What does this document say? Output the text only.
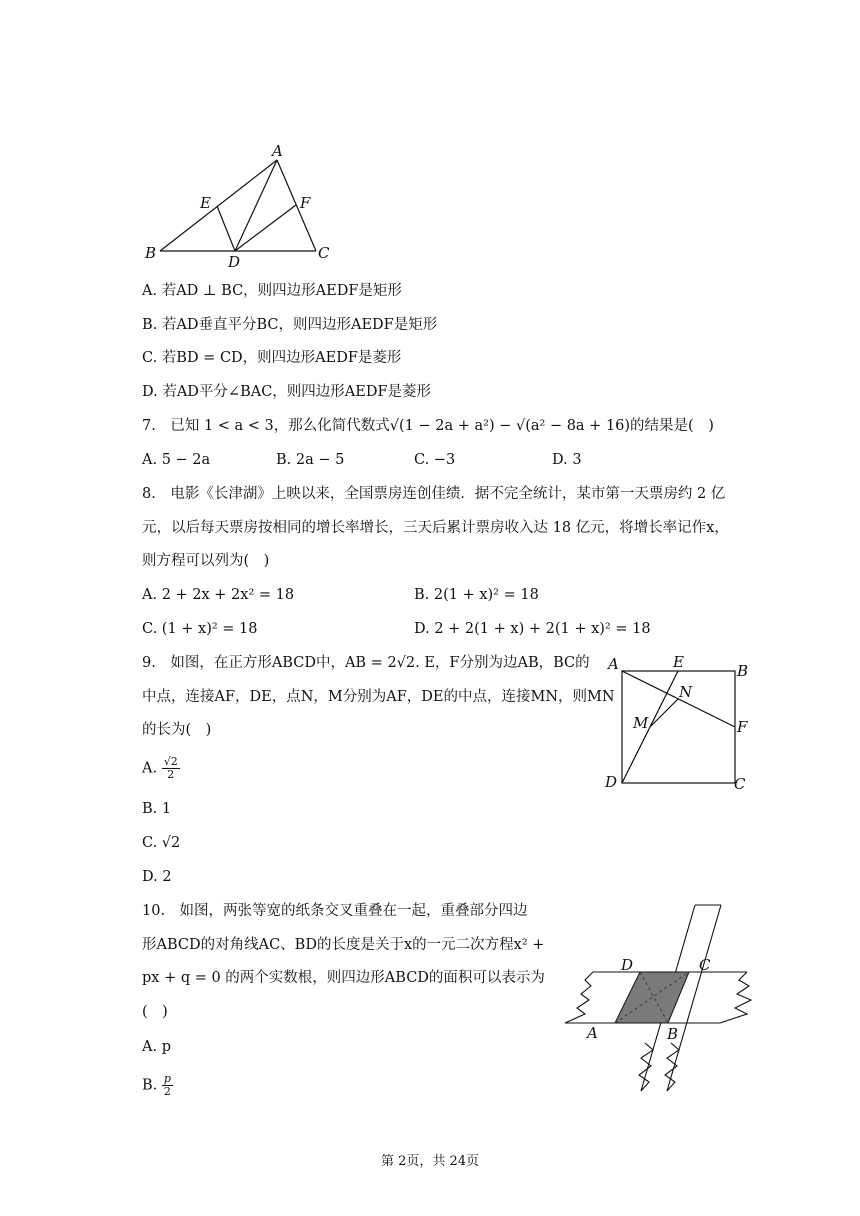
A
E	F
B	D	C
A. 若AD ⊥ BC，则四边形AEDF是矩形
B. 若AD垂直平分BC，则四边形AEDF是矩形
C. 若BD = CD，则四边形AEDF是菱形
D. 若AD平分∠BAC，则四边形AEDF是菱形
7.　已知 1 < a < 3，那么化简代数式√(1 − 2a + a²) − √(a² − 8a + 16)的结果是(　)
A. 5 − 2a	B. 2a − 5	C. −3	D. 3
8.　电影《长津湖》上映以来，全国票房连创佳绩．据不完全统计，某市第一天票房约 2 亿
元，以后每天票房按相同的增长率增长，三天后累计票房收入达 18 亿元，将增长率记作x，
则方程可以列为(　)
A. 2 + 2x + 2x² = 18	B. 2(1 + x)² = 18
C. (1 + x)² = 18	D. 2 + 2(1 + x) + 2(1 + x)² = 18
9.　如图，在正方形ABCD中，AB = 2√2. E，F分别为边AB，BC的
中点，连接AF，DE，点N，M分别为AF，DE的中点，连接MN，则MN
的长为(　)
A. $\frac{√2}{2}$
B. 1
C. √2
D. 2
A	E	B
N
M	F
D	C
10.　如图，两张等宽的纸条交叉重叠在一起，重叠部分四边
形ABCD的对角线AC、BD的长度是关于x的一元二次方程x² +
px + q = 0 的两个实数根，则四边形ABCD的面积可以表示为
(　)
A. p
B. $\frac{p}{2}$
D	C
A	B
第 2页，共 24页
